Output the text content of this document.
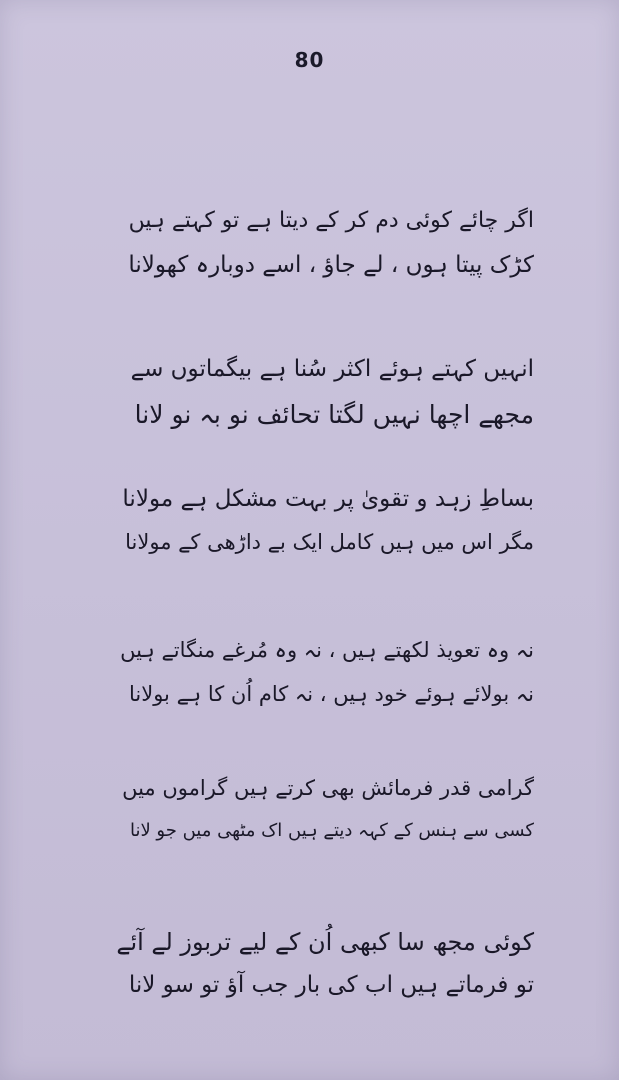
80
اگر چائے کوئی دم کر کے دیتا ہے تو کہتے ہیں
کڑک پیتا ہوں ، لے جاؤ ، اسے دوبارہ کھولانا
انہیں کہتے ہوئے اکثر سُنا ہے بیگماتوں سے
مجھے اچھا نہیں لگتا تحائف نو بہ نو لانا
بساطِ زہد و تقویٰ پر بہت مشکل ہے مولانا
مگر اس میں ہیں کامل ایک بے داڑھی کے مولانا
نہ وہ تعویذ لکھتے ہیں ، نہ وہ مُرغے منگاتے ہیں
نہ بولائے ہوئے خود ہیں ، نہ کام اُن کا ہے بولانا
گرامی قدر فرمائش بھی کرتے ہیں گراموں میں
کسی سے ہنس کے کہہ دیتے ہیں اک مٹھی میں جو لانا
کوئی مجھ سا کبھی اُن کے لیے تربوز لے آئے
تو فرماتے ہیں اب کی بار جب آؤ تو سو لانا
